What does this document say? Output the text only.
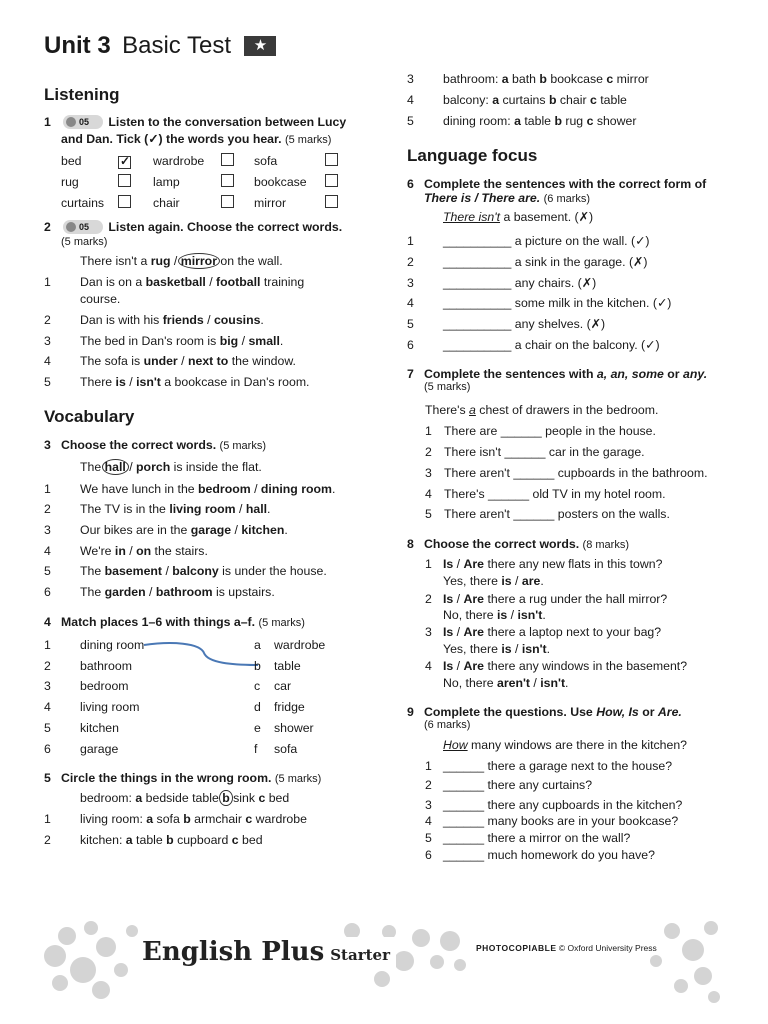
Unit 3 Basic Test ★
Listening
1	05 Listen to the conversation between Lucy
and Dan. Tick (✓) the words you hear. (5 marks)
bed
✓	wardrobe	sofa
rug	lamp	bookcase
curtains	chair	mirror
2	05 Listen again. Choose the correct words.
(5 marks)
There isn't a rug / mirror on the wall.
1	Dan is on a basketball / football training
course.
2	Dan is with his friends / cousins.
3	The bed in Dan's room is big / small.
4	The sofa is under / next to the window.
5	There is / isn't a bookcase in Dan's room.
Vocabulary
3 Choose the correct words. (5 marks)
The hall / porch is inside the flat.
1	We have lunch in the bedroom / dining room.
2	The TV is in the living room / hall.
3	Our bikes are in the garage / kitchen.
4	We're in / on the stairs.
5	The basement / balcony is under the house.
6	The garden / bathroom is upstairs.
4 Match places 1–6 with things a–f. (5 marks)
1	dining room
2	bathroom
3	bedroom
4	living room
5	kitchen
6	garage
a	wardrobe
b	table
c	car
d	fridge
e	shower
f	sofa
5 Circle the things in the wrong room. (5 marks)
bedroom: a bedside table b sink c bed
1	living room: a sofa b armchair c wardrobe
2	kitchen: a table b cupboard c bed
3	bathroom: a bath b bookcase c mirror
4	balcony: a curtains b chair c table
5	dining room: a table b rug c shower
Language focus
6 Complete the sentences with the correct form of
There is / There are. (6 marks)
There isn't a basement. (✗)
1	__________ a picture on the wall. (✓)
2	__________ a sink in the garage. (✗)
3	__________ any chairs. (✗)
4	__________ some milk in the kitchen. (✓)
5	__________ any shelves. (✗)
6	__________ a chair on the balcony. (✓)
7 Complete the sentences with a, an, some or any.
(5 marks)
There's a chest of drawers in the bedroom.
1 There are ______ people in the house.
2 There isn't ______ car in the garage.
3 There aren't ______ cupboards in the bathroom.
4 There's ______ old TV in my hotel room.
5 There aren't ______ posters on the walls.
8 Choose the correct words. (8 marks)
1 Is / Are there any new flats in this town?
Yes, there is / are.
2 Is / Are there a rug under the hall mirror?
No, there is / isn't.
3 Is / Are there a laptop next to your bag?
Yes, there is / isn't.
4 Is / Are there any windows in the basement?
No, there aren't / isn't.
9 Complete the questions. Use How, Is or Are.
(6 marks)
How many windows are there in the kitchen?
1 ______ there a garage next to the house?
2 ______ there any curtains?
3 ______ there any cupboards in the kitchen?
4 ______ many books are in your bookcase?
5 ______ there a mirror on the wall?
6 ______ much homework do you have?
English Plus Starter	PHOTOCOPIABLE © Oxford University Press
